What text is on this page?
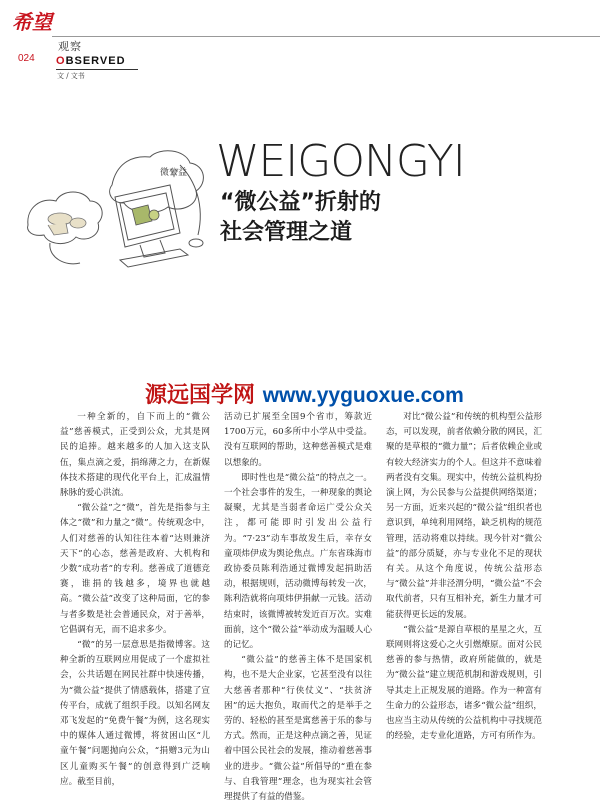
希望
024
观察
OBSERVED
文 / 文书
微公益 WEIGONGYI
“微公益”折射的
社会管理之道
源远国学网 www.yyguoxue.com

一种全新的，自下而上的“微公益”慈善模式，正受到公众，尤其是网民的追捧。越来越多的人加入这支队伍，集点滴之爱，捐绵薄之力，在新媒体技术搭建的现代化平台上，汇成温情脉脉的爱心洪流。

“微公益”之“微”，首先是指参与主体之“微”和力量之“微”。传统观念中，人们对慈善的认知往往本着“达则兼济天下”的心态，慈善是政府、大机构和少数“成功者”的专利。慈善成了道德竞赛，谁捐的钱越多，境界也就越高。“微公益”改变了这种局面，它的参与者多数是社会普通民众，对于善举，它倡调有无，而不追求多少。

“微”的另一层意思是指微博客。这种全新的互联网应用促成了一个虚拟社会，公共话题在网民社群中快速传播，为“微公益”提供了情感载体，搭建了宣传平台，成就了组织手段。以知名网友邓飞发起的“免费午餐”为例，这名现实中的媒体人通过微博，将贫困山区“儿童午餐”问题抛向公众，“捐赠3元为山区儿童购买午餐”的创意得到广泛响应。截至目前，

活动已扩展至全国9个省市，筹款近1700万元，60多所中小学从中受益。没有互联网的帮助，这种慈善模式是难以想象的。

即时性也是“微公益”的特点之一。一个社会事件的发生，一种现象的舆论凝聚，尤其是当弱者命运广受公众关注，都可能即时引发出公益行为。“7·23”动车事故发生后，幸存女童项炜伊成为舆论焦点。广东省珠海市政协委员陈利浩通过微博发起捐助活动，根据规则，活动微博每转发一次，陈利浩就将向项炜伊捐献一元钱。活动结束时，该微博被转发近百万次。实难面前，这个“微公益”举动成为温暖人心的记忆。

“微公益”的慈善主体不是国家机构，也不是大企业家，它甚至没有以往大慈善者那种“行侠仗义”、“扶贫济困”的远大抱负，取而代之的是举手之劳的、轻松的甚至是寓慈善于乐的参与方式。然而，正是这种点滴之善，见证着中国公民社会的发展，推动着慈善事业的进步。“微公益”所倡导的“重在参与、自我管理”理念，也为现实社会管理提供了有益的借鉴。

对比“微公益”和传统的机构型公益形态，可以发现，前者依赖分散的网民，汇聚的是草根的“微力量”；后者依赖企业或有较大经济实力的个人。但这并不意味着两者没有交集。现实中，传统公益机构扮演上网，为公民参与公益提供网络渠道；另一方面，近来兴起的“微公益”组织者也意识到，单纯利用网络，缺乏机构的规范管理，活动将难以持续。现今针对“微公益”的部分质疑，亦与专业化不足的现状有关。从这个角度说，传统公益形态与“微公益”并非泾渭分明，“微公益”不会取代前者，只有互相补充，新生力量才可能获得更长远的发展。

“微公益”是源自草根的星星之火，互联网则将这爱心之火引燃燎原。面对公民慈善的参与热情，政府所能做的，就是为“微公益”建立规范机制和游戏规则，引导其走上正规发展的道路。作为一种富有生命力的公益形态，诸多“微公益”组织，也应当主动从传统的公益机构中寻找规范的经验，走专业化道路，方可有所作为。
